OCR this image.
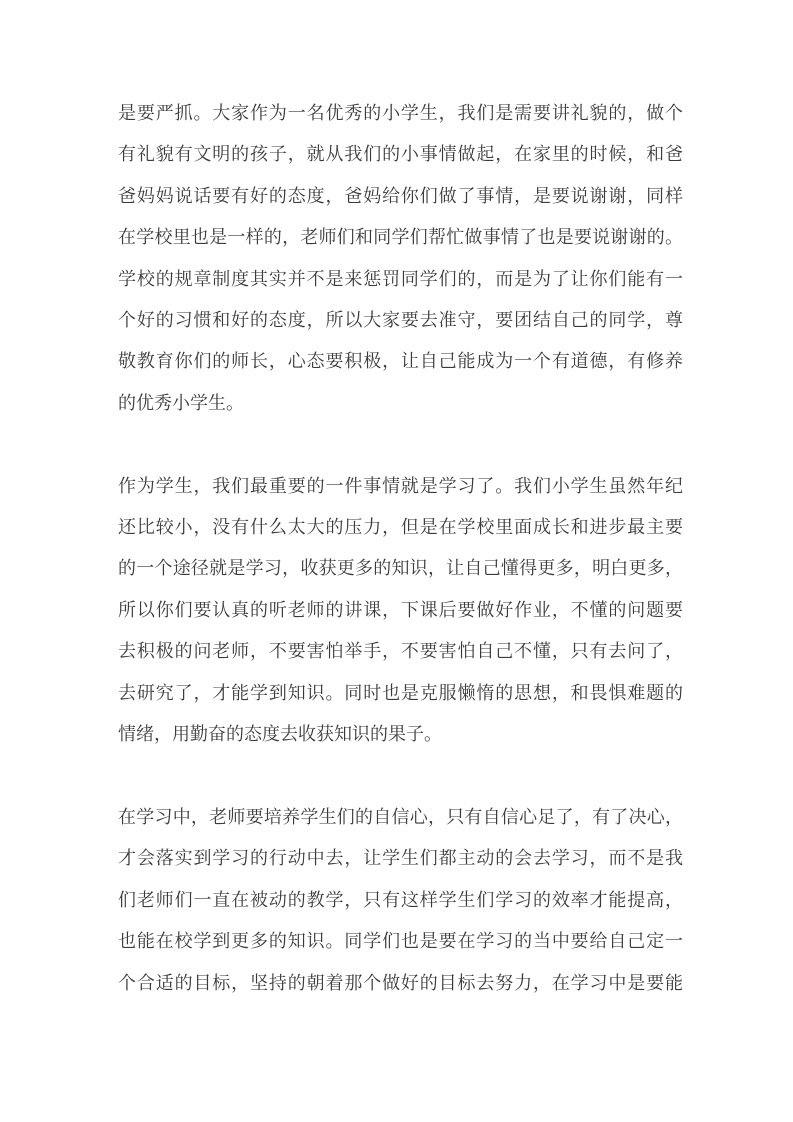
是要严抓。大家作为一名优秀的小学生，我们是需要讲礼貌的，做个
有礼貌有文明的孩子，就从我们的小事情做起，在家里的时候，和爸
爸妈妈说话要有好的态度，爸妈给你们做了事情，是要说谢谢，同样
在学校里也是一样的，老师们和同学们帮忙做事情了也是要说谢谢的。
学校的规章制度其实并不是来惩罚同学们的，而是为了让你们能有一
个好的习惯和好的态度，所以大家要去准守，要团结自己的同学，尊
敬教育你们的师长，心态要积极，让自己能成为一个有道德，有修养
的优秀小学生。

作为学生，我们最重要的一件事情就是学习了。我们小学生虽然年纪
还比较小，没有什么太大的压力，但是在学校里面成长和进步最主要
的一个途径就是学习，收获更多的知识，让自己懂得更多，明白更多，
所以你们要认真的听老师的讲课，下课后要做好作业，不懂的问题要
去积极的问老师，不要害怕举手，不要害怕自己不懂，只有去问了，
去研究了，才能学到知识。同时也是克服懒惰的思想，和畏惧难题的
情绪，用勤奋的态度去收获知识的果子。

在学习中，老师要培养学生们的自信心，只有自信心足了，有了决心，
才会落实到学习的行动中去，让学生们都主动的会去学习，而不是我
们老师们一直在被动的教学，只有这样学生们学习的效率才能提高，
也能在校学到更多的知识。同学们也是要在学习的当中要给自己定一
个合适的目标，坚持的朝着那个做好的目标去努力，在学习中是要能
